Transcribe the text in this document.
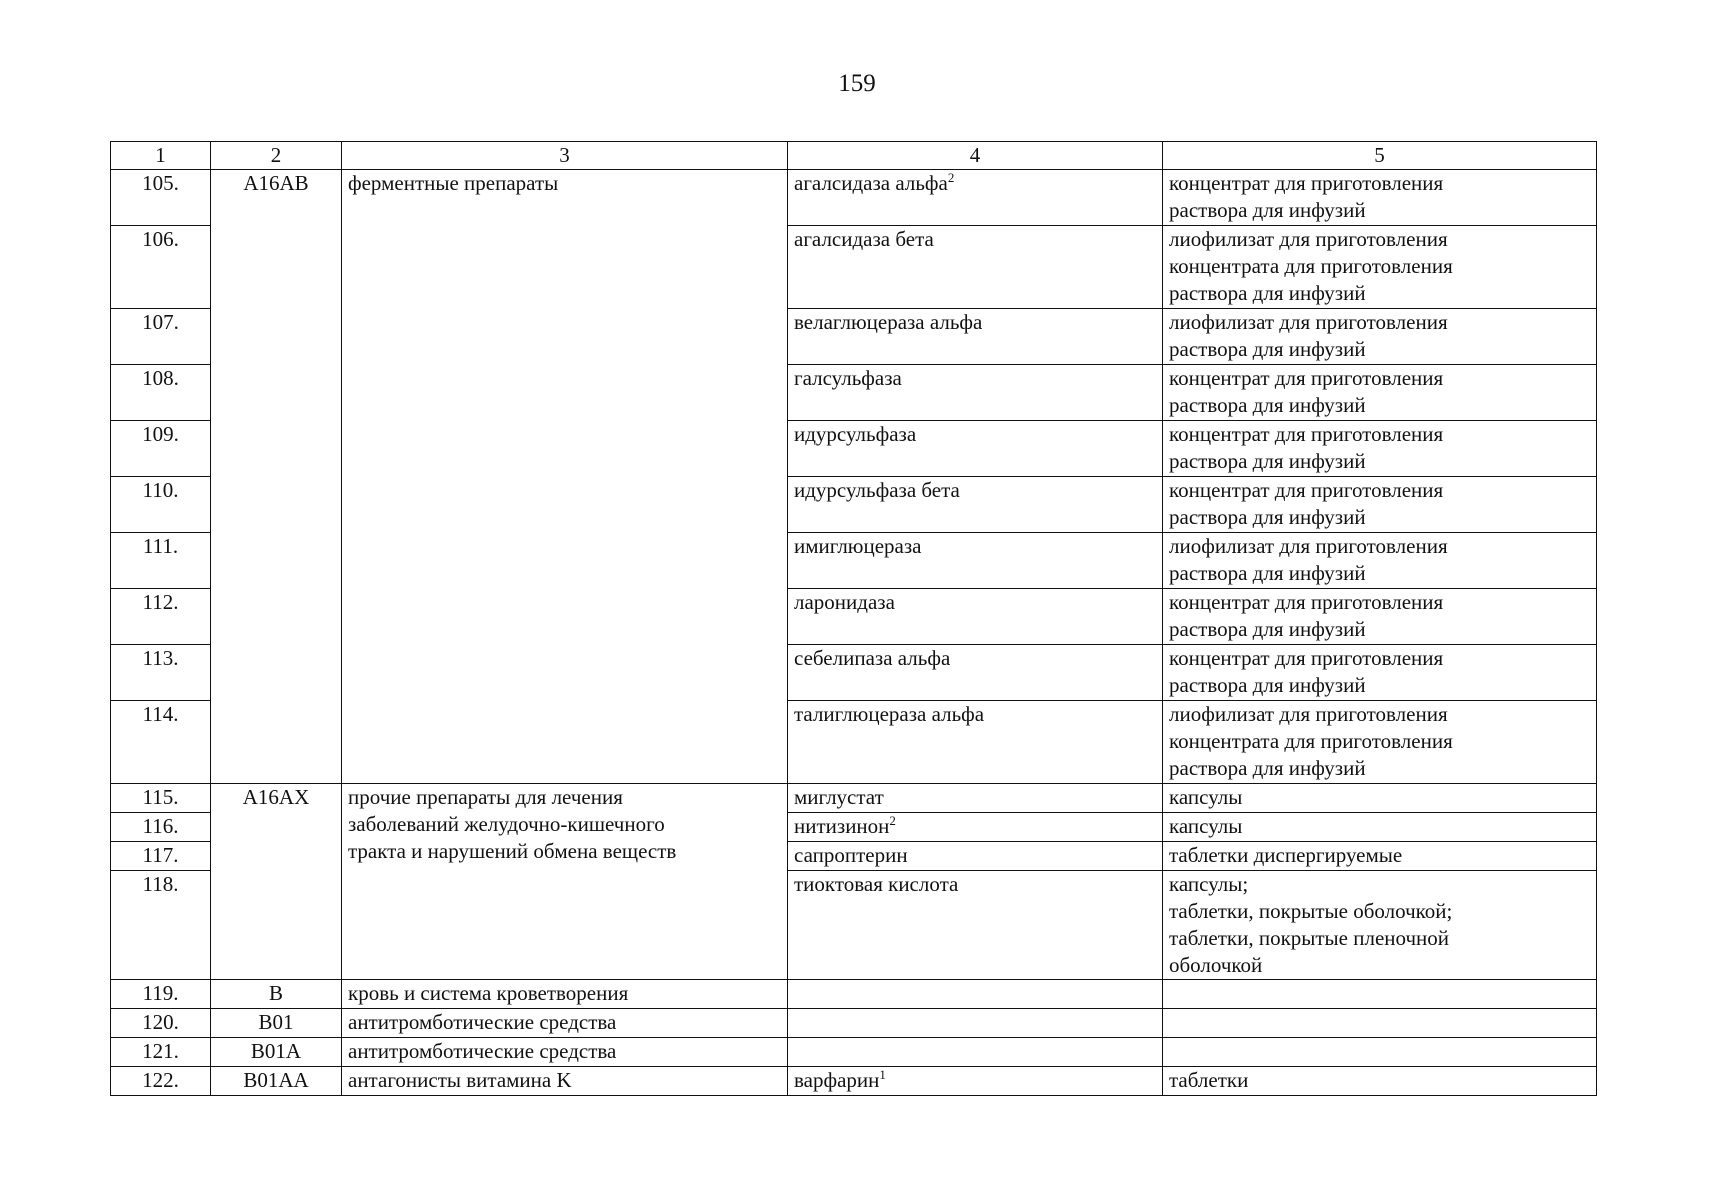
159
1	2	3	4	5
105.	A16AB	ферментные препараты	агалсидаза альфа$^2$	концентрат для приготовления
раствора для инфузий

106.			агалсидаза бета	лиофилизат для приготовления
концентрата для приготовления
раствора для инфузий

107.			велаглюцераза альфа	лиофилизат для приготовления
раствора для инфузий

108.			галсульфаза	концентрат для приготовления
раствора для инфузий

109.			идурсульфаза	концентрат для приготовления
раствора для инфузий

110.			идурсульфаза бета	концентрат для приготовления
раствора для инфузий

111.			имиглюцераза	лиофилизат для приготовления
раствора для инфузий

112.			ларонидаза	концентрат для приготовления
раствора для инфузий

113.			себелипаза альфа	концентрат для приготовления
раствора для инфузий

114.			талиглюцераза альфа	лиофилизат для приготовления
концентрата для приготовления
раствора для инфузий

115.	A16AX	прочие препараты для лечения
заболеваний желудочно-кишечного
тракта и нарушений обмена веществ	миглустат	капсулы
116.			нитизинон$^2$	капсулы
117.			сапроптерин	таблетки диспергируемые
118.			тиоктовая кислота	капсулы;
таблетки, покрытые оболочкой;
таблетки, покрытые пленочной
оболочкой

119.	B	кровь и система кроветворения		
120.	B01	антитромботические средства		
121.	B01A	антитромботические средства		
122.	B01AA	антагонисты витамина K	варфарин$^1$	таблетки
